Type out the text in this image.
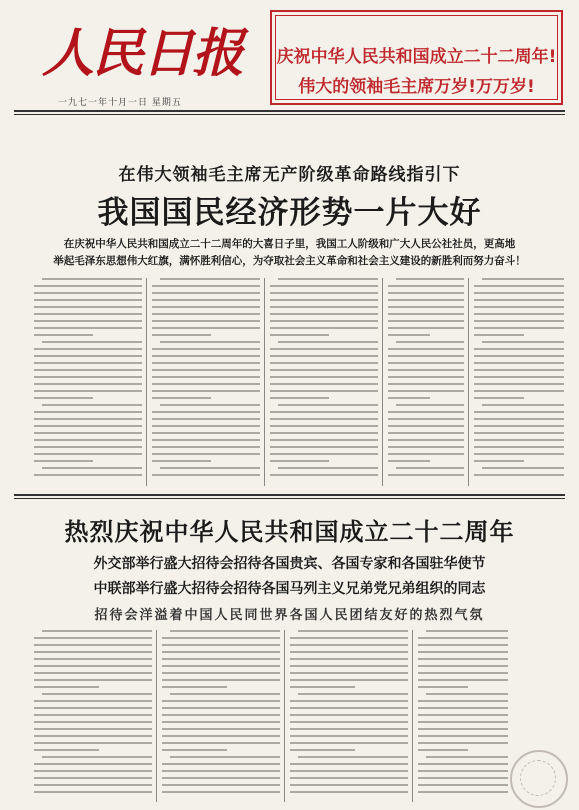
人民日报
一九七一年十月一日 星期五
庆祝中华人民共和国成立二十二周年!
伟大的领袖毛主席万岁!万万岁!
在伟大领袖毛主席无产阶级革命路线指引下
我国国民经济形势一片大好
在庆祝中华人民共和国成立二十二周年的大喜日子里，我国工人阶级和广大人民公社社员，更高地
举起毛泽东思想伟大红旗，满怀胜利信心，为夺取社会主义革命和社会主义建设的新胜利而努力奋斗！
热烈庆祝中华人民共和国成立二十二周年
外交部举行盛大招待会招待各国贵宾、各国专家和各国驻华使节
中联部举行盛大招待会招待各国马列主义兄弟党兄弟组织的同志
招待会洋溢着中国人民同世界各国人民团结友好的热烈气氛
